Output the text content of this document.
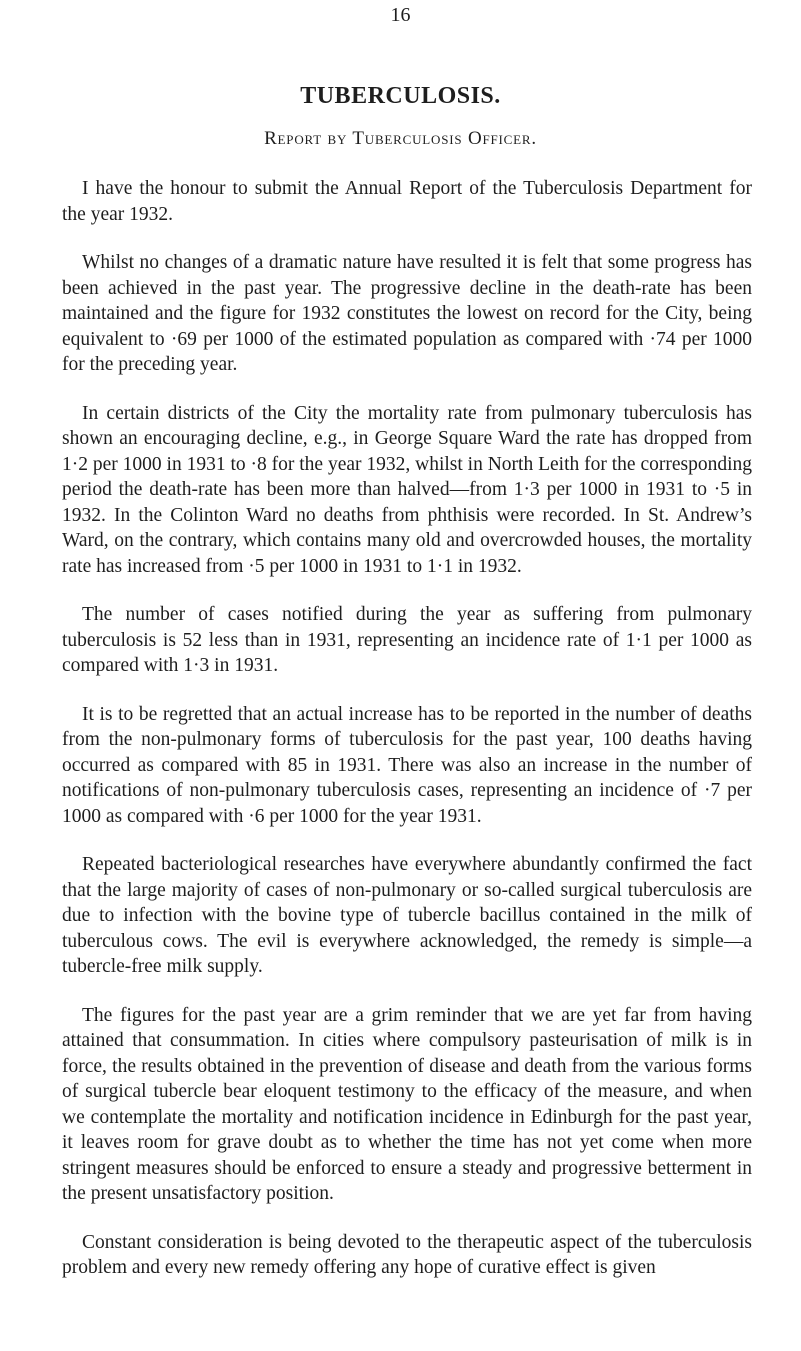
16
TUBERCULOSIS.
Report by Tuberculosis Officer.

I have the honour to submit the Annual Report of the Tuberculosis Department for the year 1932.

Whilst no changes of a dramatic nature have resulted it is felt that some progress has been achieved in the past year. The progressive decline in the death-rate has been maintained and the figure for 1932 constitutes the lowest on record for the City, being equivalent to ·69 per 1000 of the estimated population as compared with ·74 per 1000 for the preceding year.

In certain districts of the City the mortality rate from pulmonary tuberculosis has shown an encouraging decline, e.g., in George Square Ward the rate has dropped from 1·2 per 1000 in 1931 to ·8 for the year 1932, whilst in North Leith for the corresponding period the death-rate has been more than halved—from 1·3 per 1000 in 1931 to ·5 in 1932. In the Colinton Ward no deaths from phthisis were recorded. In St. Andrew’s Ward, on the contrary, which contains many old and overcrowded houses, the mortality rate has increased from ·5 per 1000 in 1931 to 1·1 in 1932.

The number of cases notified during the year as suffering from pulmonary tuberculosis is 52 less than in 1931, representing an incidence rate of 1·1 per 1000 as compared with 1·3 in 1931.

It is to be regretted that an actual increase has to be reported in the number of deaths from the non-pulmonary forms of tuberculosis for the past year, 100 deaths having occurred as compared with 85 in 1931. There was also an increase in the number of notifications of non-pulmonary tuberculosis cases, representing an incidence of ·7 per 1000 as compared with ·6 per 1000 for the year 1931.

Repeated bacteriological researches have everywhere abundantly confirmed the fact that the large majority of cases of non-pulmonary or so-called surgical tuberculosis are due to infection with the bovine type of tubercle bacillus contained in the milk of tuberculous cows. The evil is everywhere acknowledged, the remedy is simple—a tubercle-free milk supply.

The figures for the past year are a grim reminder that we are yet far from having attained that consummation. In cities where compulsory pasteurisation of milk is in force, the results obtained in the prevention of disease and death from the various forms of surgical tubercle bear eloquent testimony to the efficacy of the measure, and when we contemplate the mortality and notification incidence in Edinburgh for the past year, it leaves room for grave doubt as to whether the time has not yet come when more stringent measures should be enforced to ensure a steady and progressive betterment in the present unsatisfactory position.

Constant consideration is being devoted to the therapeutic aspect of the tuberculosis problem and every new remedy offering any hope of curative effect is given
